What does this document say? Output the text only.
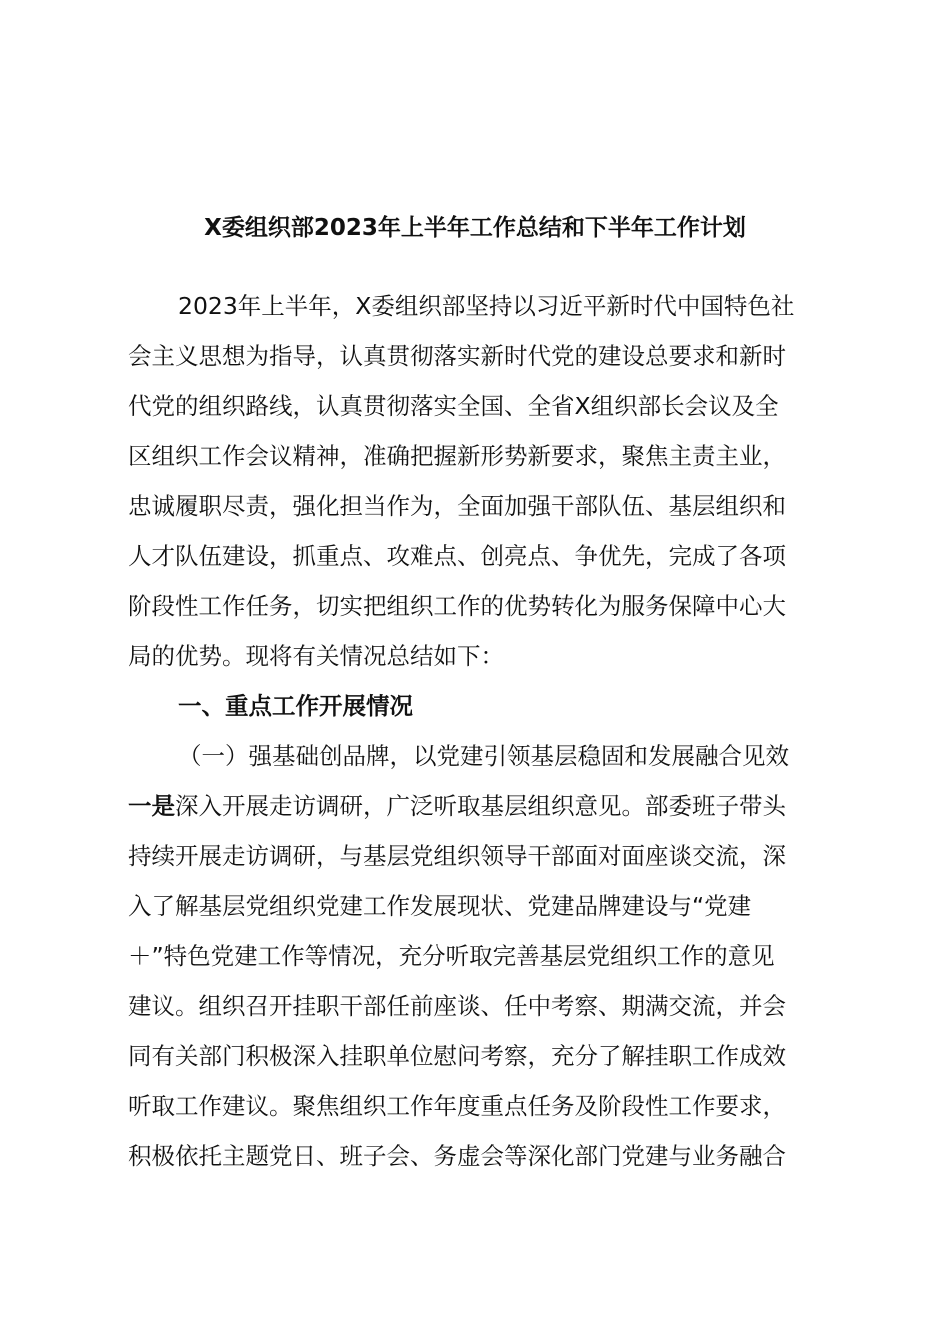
X委组织部2023年上半年工作总结和下半年工作计划
2023年上半年，X委组织部坚持以习近平新时代中国特色社
会主义思想为指导，认真贯彻落实新时代党的建设总要求和新时
代党的组织路线，认真贯彻落实全国、全省X组织部长会议及全
区组织工作会议精神，准确把握新形势新要求，聚焦主责主业，
忠诚履职尽责，强化担当作为，全面加强干部队伍、基层组织和
人才队伍建设，抓重点、攻难点、创亮点、争优先，完成了各项
阶段性工作任务，切实把组织工作的优势转化为服务保障中心大
局的优势。现将有关情况总结如下：
一、重点工作开展情况
（一）强基础创品牌，以党建引领基层稳固和发展融合见效
一是深入开展走访调研，广泛听取基层组织意见。部委班子带头
持续开展走访调研，与基层党组织领导干部面对面座谈交流，深
入了解基层党组织党建工作发展现状、党建品牌建设与“党建
＋”特色党建工作等情况，充分听取完善基层党组织工作的意见
建议。组织召开挂职干部任前座谈、任中考察、期满交流，并会
同有关部门积极深入挂职单位慰问考察，充分了解挂职工作成效
听取工作建议。聚焦组织工作年度重点任务及阶段性工作要求，
积极依托主题党日、班子会、务虚会等深化部门党建与业务融合
